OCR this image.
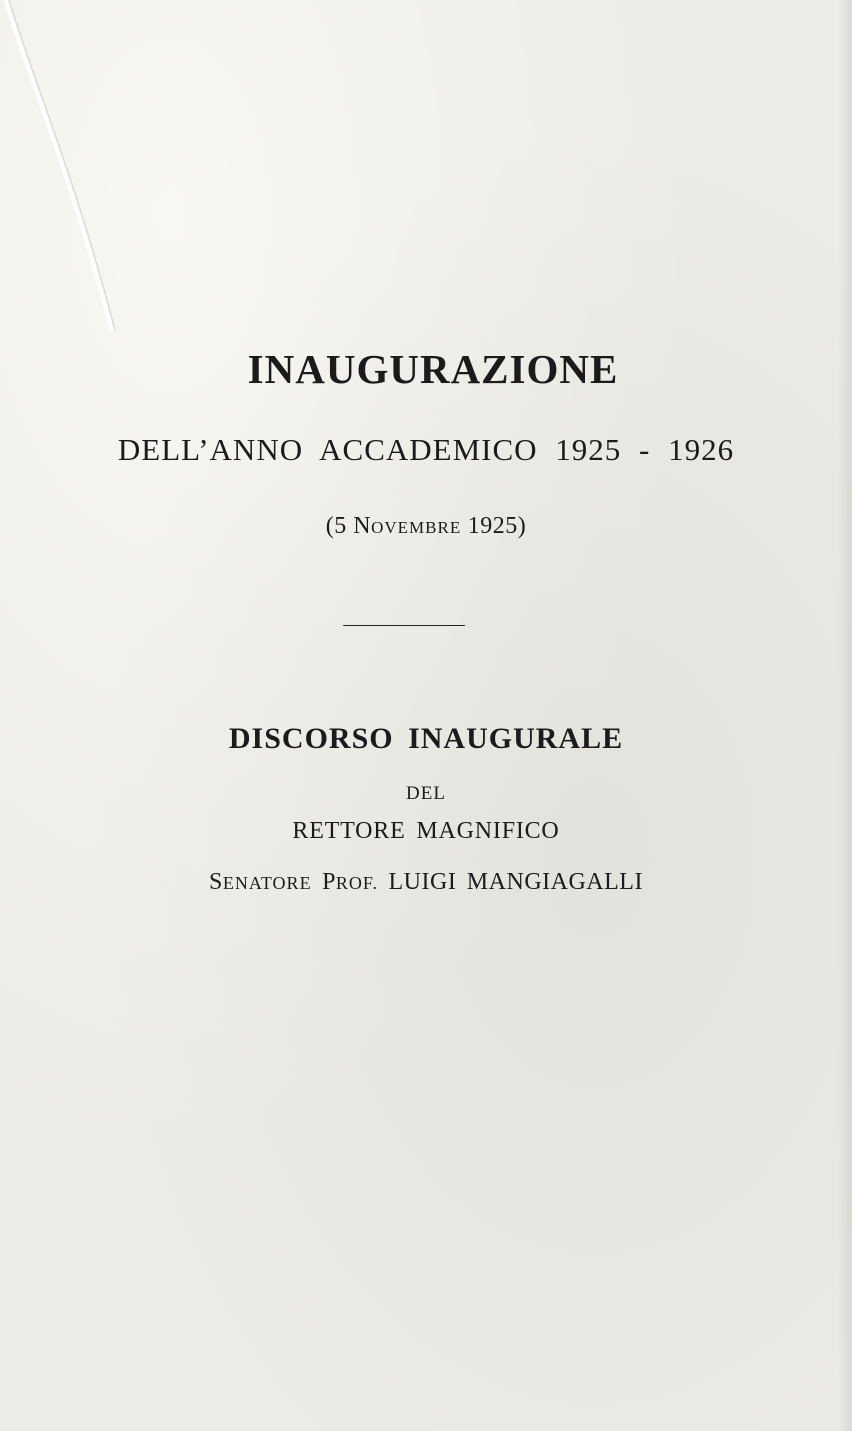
INAUGURAZIONE
DELL’ANNO ACCADEMICO 1925 - 1926
(5 NOVEMBRE 1925)
DISCORSO INAUGURALE
DEL
RETTORE MAGNIFICO
SENATORE PROF. LUIGI MANGIAGALLI
